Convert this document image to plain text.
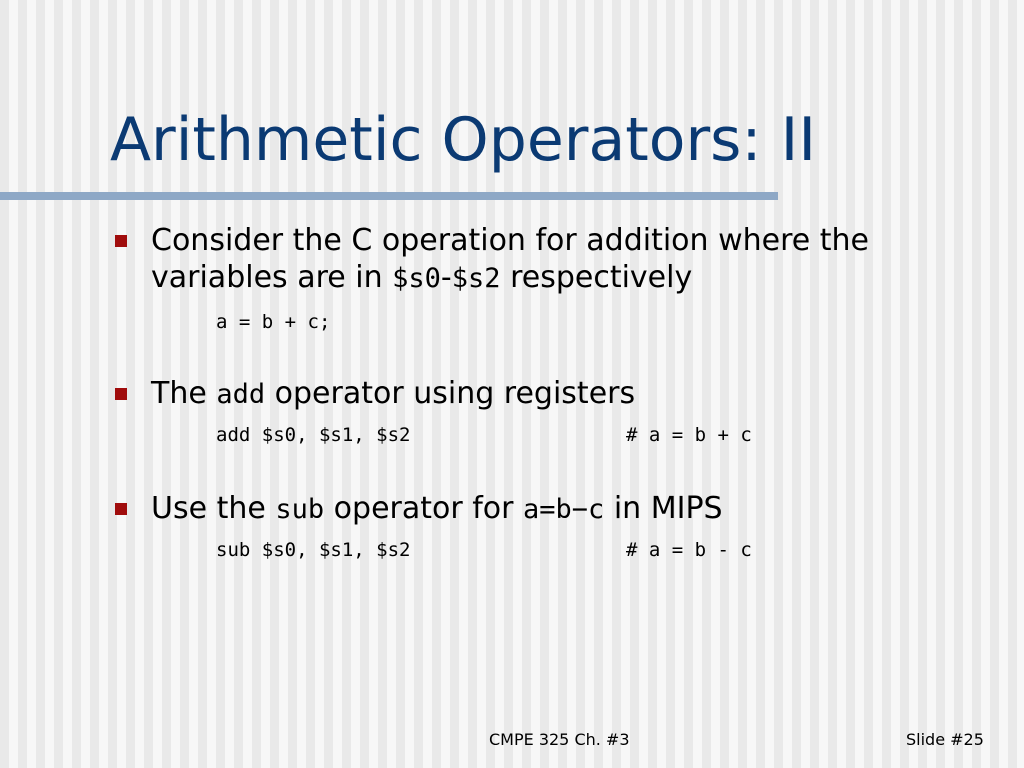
Arithmetic Operators: II

Consider the C operation for addition where the variables are in $s0-$s2 respectively

a = b + c;

The add operator using registers

add $s0, $s1, $s2	# a = b + c

Use the sub operator for a=b−c in MIPS

sub $s0, $s1, $s2	# a = b - c
CMPE 325 Ch. #3	Slide #25
